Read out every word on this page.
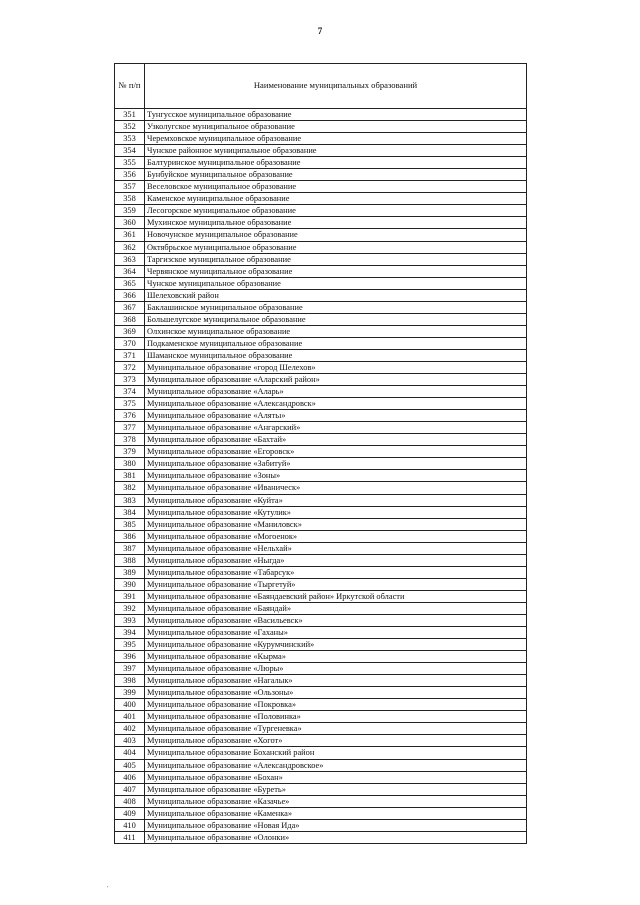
7
№ п/п	Наименование муниципальных образований
351	Тунгусское муниципальное образование
352	Узколугское муниципальное образование
353	Черемховское муниципальное образование
354	Чунское районное муниципальное образование
355	Балтуринское муниципальное образование
356	Бунбуйское муниципальное образование
357	Веселовское муниципальное образование
358	Каменское муниципальное образование
359	Лесогорское муниципальное образование
360	Мухинское муниципальное образование
361	Новочунское муниципальное образование
362	Октябрьское муниципальное образование
363	Таргизское муниципальное образование
364	Червянское муниципальное образование
365	Чунское муниципальное образование
366	Шелеховский район
367	Баклашинское муниципальное образование
368	Большелугское муниципальное образование
369	Олхинское муниципальное образование
370	Подкаменское муниципальное образование
371	Шаманское муниципальное образование
372	Муниципальное образование «город Шелехов»
373	Муниципальное образование «Аларский район»
374	Муниципальное образование «Аларь»
375	Муниципальное образование «Александровск»
376	Муниципальное образование «Алятьı»
377	Муниципальное образование «Ангарский»
378	Муниципальное образование «Бахтай»
379	Муниципальное образование «Егоровск»
380	Муниципальное образование «Забитуй»
381	Муниципальное образование «Зоны»
382	Муниципальное образование «Иваническ»
383	Муниципальное образование «Куйта»
384	Муниципальное образование «Кутулик»
385	Муниципальное образование «Маниловск»
386	Муниципальное образование «Могоенок»
387	Муниципальное образование «Нельхай»
388	Муниципальное образование «Ныгда»
389	Муниципальное образование «Табарсук»
390	Муниципальное образование «Тыргетуй»
391	Муниципальное образование «Баяндаевский район» Иркутской области
392	Муниципальное образование «Баяндай»
393	Муниципальное образование «Васильевск»
394	Муниципальное образование «Гаханы»
395	Муниципальное образование «Курумчинский»
396	Муниципальное образование «Кырма»
397	Муниципальное образование «Люры»
398	Муниципальное образование «Нагалык»
399	Муниципальное образование «Ользоны»
400	Муниципальное образование «Покровка»
401	Муниципальное образование «Половинка»
402	Муниципальное образование «Тургеневка»
403	Муниципальное образование «Хогот»
404	Муниципальное образование Боханский район
405	Муниципальное образование «Александровское»
406	Муниципальное образование «Бохан»
407	Муниципальное образование «Буреть»
408	Муниципальное образование «Казачье»
409	Муниципальное образование «Каменка»
410	Муниципальное образование «Новая Ида»
411	Муниципальное образование «Олонки»
'
